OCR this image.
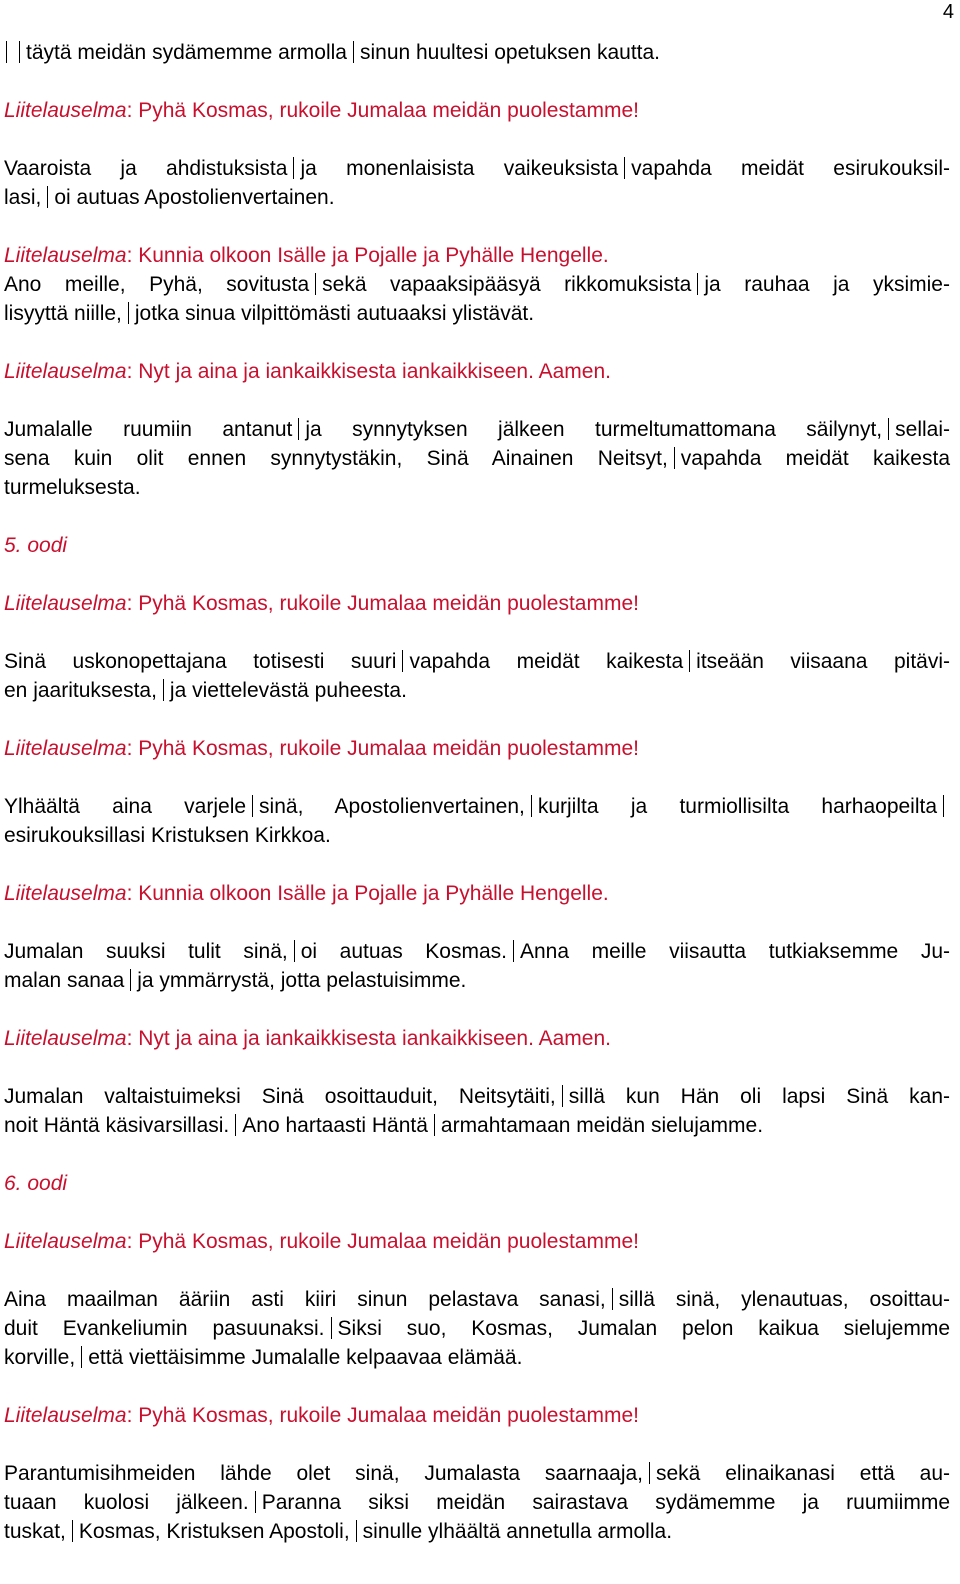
4
täytä meidän sydämemme armolla sinun huultesi opetuksen kautta.
Liitelauselma: Pyhä Kosmas, rukoile Jumalaa meidän puolestamme!
Vaaroista ja ahdistuksista ja monenlaisista vaikeuksista vapahda meidät esirukouksil-
lasi, oi autuas Apostolienvertainen.
Liitelauselma: Kunnia olkoon Isälle ja Pojalle ja Pyhälle Hengelle.
Ano meille, Pyhä, sovitusta sekä vapaaksipääsyä rikkomuksista ja rauhaa ja yksimie-
lisyyttä niille, jotka sinua vilpittömästi autuaaksi ylistävät.
Liitelauselma: Nyt ja aina ja iankaikkisesta iankaikkiseen. Aamen.
Jumalalle ruumiin antanut ja synnytyksen jälkeen turmeltumattomana säilynyt, sellai-
sena kuin olit ennen synnytystäkin, Sinä Ainainen Neitsyt, vapahda meidät kaikesta
turmeluksesta.
5. oodi
Liitelauselma: Pyhä Kosmas, rukoile Jumalaa meidän puolestamme!
Sinä uskonopettajana totisesti suuri vapahda meidät kaikesta itseään viisaana pitävi-
en jaarituksesta, ja viettelevästä puheesta.
Liitelauselma: Pyhä Kosmas, rukoile Jumalaa meidän puolestamme!
Ylhäältä aina varjele sinä, Apostolienvertainen, kurjilta ja turmiollisilta harhaopeilta
esirukouksillasi Kristuksen Kirkkoa.
Liitelauselma: Kunnia olkoon Isälle ja Pojalle ja Pyhälle Hengelle.
Jumalan suuksi tulit sinä, oi autuas Kosmas. Anna meille viisautta tutkiaksemme Ju-
malan sanaa ja ymmärrystä, jotta pelastuisimme.
Liitelauselma: Nyt ja aina ja iankaikkisesta iankaikkiseen. Aamen.
Jumalan valtaistuimeksi Sinä osoittauduit, Neitsytäiti, sillä kun Hän oli lapsi Sinä kan-
noit Häntä käsivarsillasi. Ano hartaasti Häntä armahtamaan meidän sielujamme.
6. oodi
Liitelauselma: Pyhä Kosmas, rukoile Jumalaa meidän puolestamme!
Aina maailman ääriin asti kiiri sinun pelastava sanasi, sillä sinä, ylenautuas, osoittau-
duit Evankeliumin pasuunaksi. Siksi suo, Kosmas, Jumalan pelon kaikua sielujemme
korville, että viettäisimme Jumalalle kelpaavaa elämää.
Liitelauselma: Pyhä Kosmas, rukoile Jumalaa meidän puolestamme!
Parantumisihmeiden lähde olet sinä, Jumalasta saarnaaja, sekä elinaikanasi että au-
tuaan kuolosi jälkeen. Paranna siksi meidän sairastava sydämemme ja ruumiimme
tuskat, Kosmas, Kristuksen Apostoli, sinulle ylhäältä annetulla armolla.
